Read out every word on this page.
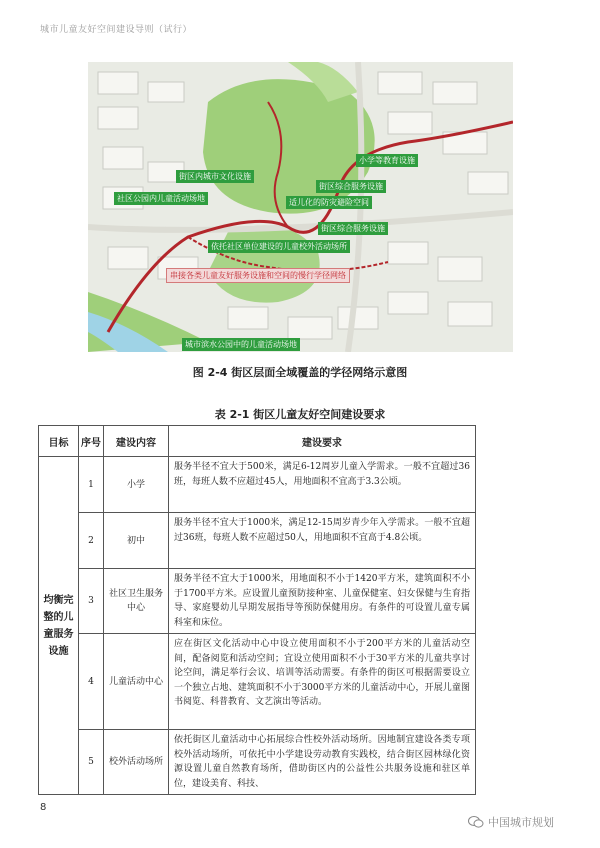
城市儿童友好空间建设导则（试行）
小学等教育设施
街区内城市文化设施
街区综合服务设施
社区公园内儿童活动场地	适儿化的防灾避险空间
街区综合服务设施
依托社区单位建设的儿童校外活动场所
串接各类儿童友好服务设施和空间的慢行学径网络
城市滨水公园中的儿童活动场地
图 2-4 街区层面全域覆盖的学径网络示意图
表 2-1 街区儿童友好空间建设要求
目标	序号	建设内容	建设要求
均衡完整的儿童服务设施	1	小学	服务半径不宜大于500米，满足6-12周岁儿童入学需求。一般不宜超过36班，每班人数不应超过45人，用地面积不宜高于3.3公顷。
	2	初中	服务半径不宜大于1000米，满足12-15周岁青少年入学需求。一般不宜超过36班，每班人数不应超过50人，用地面积不宜高于4.8公顷。
	3	社区卫生服务中心	服务半径不宜大于1000米，用地面积不小于1420平方米，建筑面积不小于1700平方米。应设置儿童预防接种室、儿童保健室、妇女保健与生育指导、家庭婴幼儿早期发展指导等预防保健用房。有条件的可设置儿童专属科室和床位。
	4	儿童活动中心	应在街区文化活动中心中设立使用面积不小于200平方米的儿童活动空间，配备阅览和活动空间；宜设立使用面积不小于30平方米的儿童共享讨论空间，满足举行会议、培训等活动需要。有条件的街区可根据需要设立一个独立占地、建筑面积不小于3000平方米的儿童活动中心，开展儿童图书阅览、科普教育、文艺演出等活动。
	5	校外活动场所	依托街区儿童活动中心拓展综合性校外活动场所。因地制宜建设各类专项校外活动场所，可依托中小学建设劳动教育实践校，结合街区园林绿化资源设置儿童自然教育场所，借助街区内的公益性公共服务设施和驻区单位，建设美育、科技、
8
中国城市规划
